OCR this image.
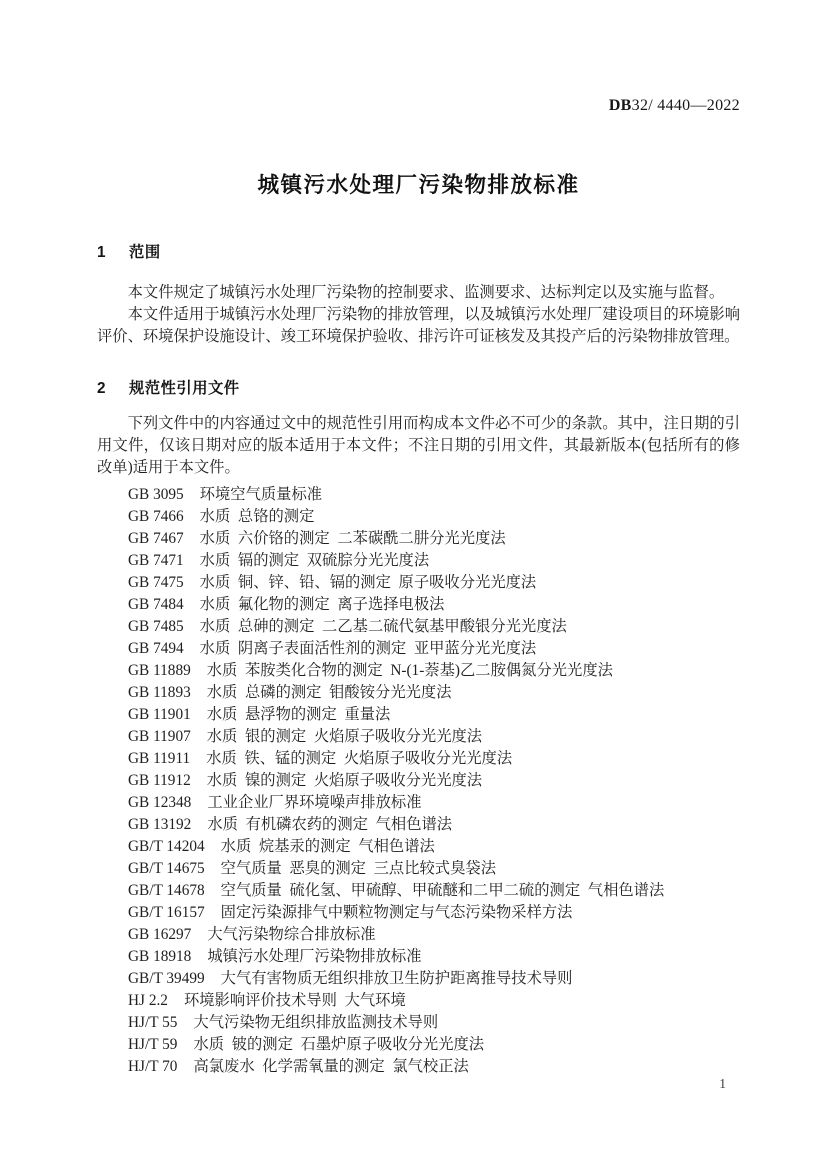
DB32/ 4440—2022
城镇污水处理厂污染物排放标准
1 范围

本文件规定了城镇污水处理厂污染物的控制要求、监测要求、达标判定以及实施与监督。

本文件适用于城镇污水处理厂污染物的排放管理，以及城镇污水处理厂建设项目的环境影响评价、环境保护设施设计、竣工环境保护验收、排污许可证核发及其投产后的污染物排放管理。

2 规范性引用文件

下列文件中的内容通过文中的规范性引用而构成本文件必不可少的条款。其中，注日期的引用文件，仅该日期对应的版本适用于本文件；不注日期的引用文件，其最新版本(包括所有的修改单)适用于本文件。

GB 3095 环境空气质量标准
GB 7466 水质  总铬的测定
GB 7467 水质  六价铬的测定  二苯碳酰二肼分光光度法
GB 7471 水质  镉的测定  双硫腙分光光度法
GB 7475 水质  铜、锌、铅、镉的测定  原子吸收分光光度法
GB 7484 水质  氟化物的测定  离子选择电极法
GB 7485 水质  总砷的测定  二乙基二硫代氨基甲酸银分光光度法
GB 7494 水质  阴离子表面活性剂的测定  亚甲蓝分光光度法
GB 11889 水质  苯胺类化合物的测定  N-(1-萘基)乙二胺偶氮分光光度法
GB 11893 水质  总磷的测定  钼酸铵分光光度法
GB 11901 水质  悬浮物的测定  重量法
GB 11907 水质  银的测定  火焰原子吸收分光光度法
GB 11911 水质  铁、锰的测定  火焰原子吸收分光光度法
GB 11912 水质  镍的测定  火焰原子吸收分光光度法
GB 12348 工业企业厂界环境噪声排放标准
GB 13192 水质  有机磷农药的测定  气相色谱法
GB/T 14204 水质  烷基汞的测定  气相色谱法
GB/T 14675 空气质量  恶臭的测定  三点比较式臭袋法
GB/T 14678 空气质量  硫化氢、甲硫醇、甲硫醚和二甲二硫的测定  气相色谱法
GB/T 16157 固定污染源排气中颗粒物测定与气态污染物采样方法
GB 16297 大气污染物综合排放标准
GB 18918 城镇污水处理厂污染物排放标准
GB/T 39499 大气有害物质无组织排放卫生防护距离推导技术导则
HJ 2.2 环境影响评价技术导则  大气环境
HJ/T 55 大气污染物无组织排放监测技术导则
HJ/T 59 水质  铍的测定  石墨炉原子吸收分光光度法
HJ/T 70 高氯废水  化学需氧量的测定  氯气校正法
1
